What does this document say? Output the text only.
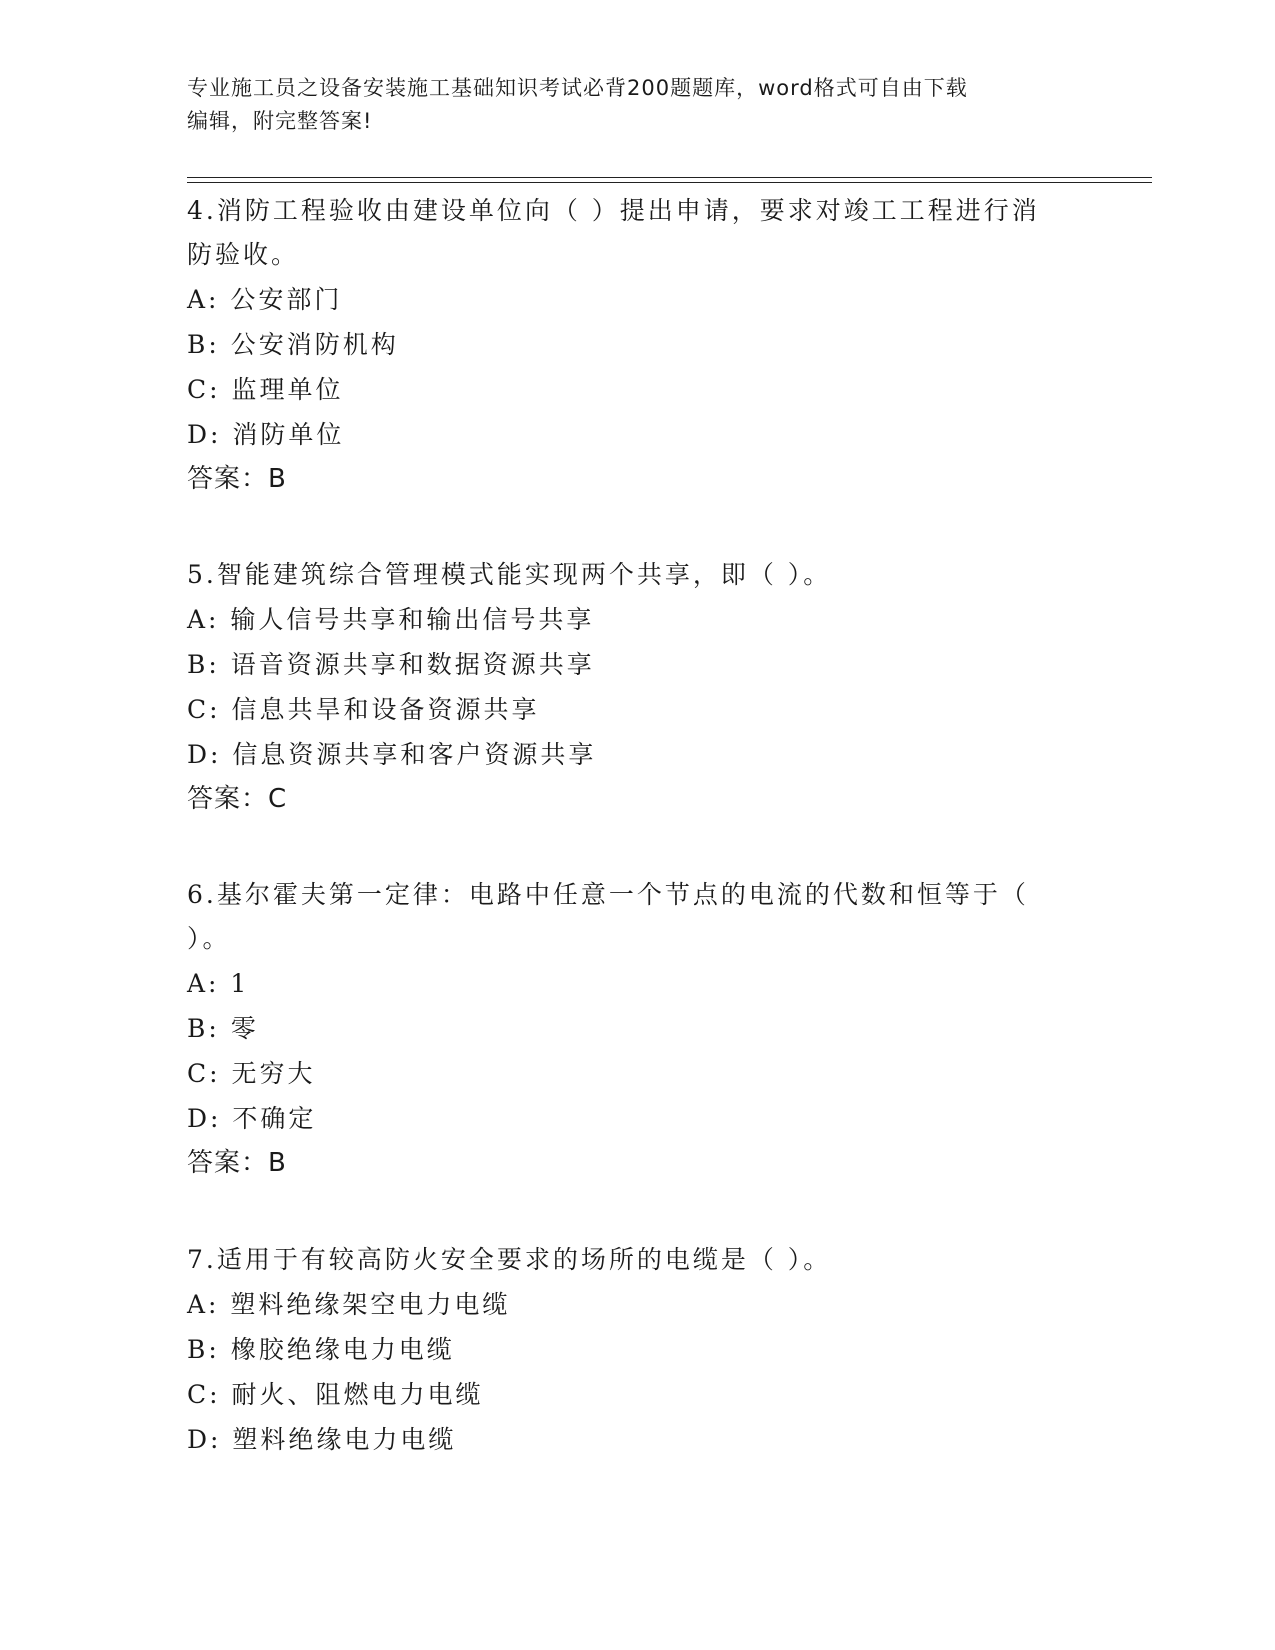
专业施工员之设备安装施工基础知识考试必背200题题库，word格式可自由下载
编辑，附完整答案!
4.消防工程验收由建设单位向（ ）提出申请，要求对竣工工程进行消
防验收。
A: 公安部门
B: 公安消防机构
C: 监理单位
D: 消防单位
答案：B
5.智能建筑综合管理模式能实现两个共享，即（ ）。
A: 输人信号共享和输出信号共享
B: 语音资源共享和数据资源共享
C: 信息共旱和设备资源共享
D: 信息资源共享和客户资源共享
答案：C
6.基尔霍夫第一定律：电路中任意一个节点的电流的代数和恒等于（
）。
A: 1
B: 零
C: 无穷大
D: 不确定
答案：B
7.适用于有较高防火安全要求的场所的电缆是（ ）。
A: 塑料绝缘架空电力电缆
B: 橡胶绝缘电力电缆
C: 耐火、阻燃电力电缆
D: 塑料绝缘电力电缆
